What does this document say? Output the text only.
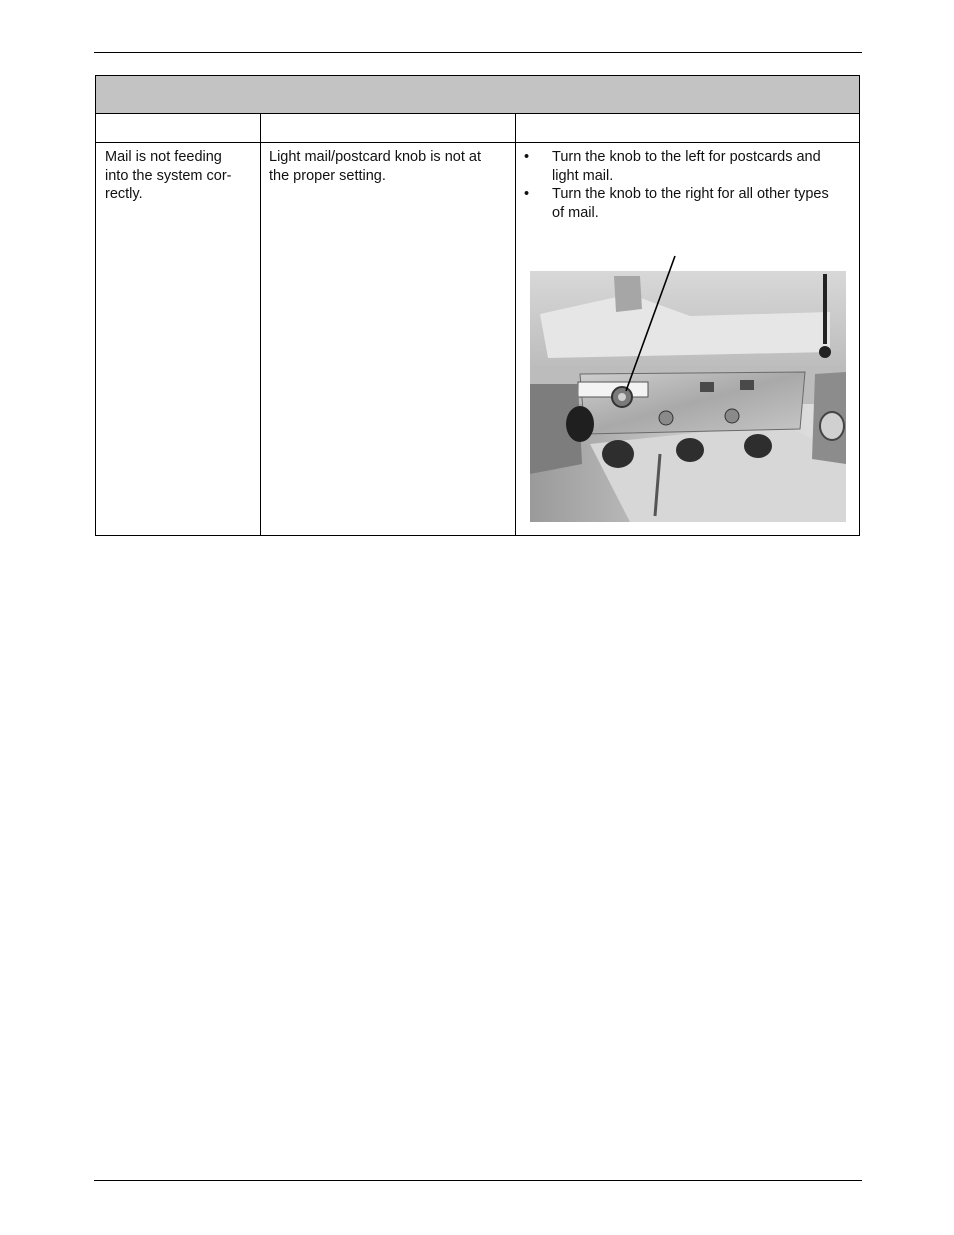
Mail is not feeding
into the system cor-
rectly.
Light mail/postcard knob is not at
the proper setting.
•	Turn the knob to the left for postcards and
light mail.
•	Turn the knob to the right for all other types
of mail.
